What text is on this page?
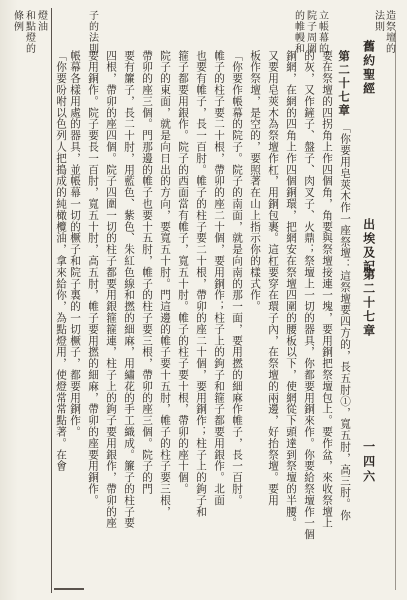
舊約聖經
出埃及記
第二十七章
一四六
造祭壇的
法則
立帳幕的
院子周圍
的帷幔和
子的法則
燈油
和點燈的
條例
第二十七章
「你要用皂莢木作一座祭壇：這祭壇要四方的，長五肘①，寬五肘，高三肘。你
要在祭壇的四拐角上作四個角，角要與祭壇接連一塊，要用銅把祭壇包上。要作盆，來收祭壇上
的灰，又作鏟子、盤子、肉叉子、火鼎；祭壇上一切的器具，你都要用銅來作。你要給祭壇作一個
銅網，在網的四角上作四個銅環，把網安在祭壇四圍的腰板以下，使網從下頭達到祭壇的半腰。
又要用皂莢木為祭壇作杠，用銅包裹。這杠要穿在環子內，在祭壇的兩邊，好抬祭壇。要用
板作祭壇，是空的，要照著在山上指示你的樣式作。
「你要作帳幕的院子。院子的南面，就是向南的那一面，要用撚的細麻作帷子，長一百肘。
帷子的柱子要二十根，帶卯的座二十個，要用銅作；柱子上的鉤子和箍子都要用銀作。北面
也要有帷子，長一百肘。帷子的柱子要二十根，帶卯的座二十個，要用銅作；柱子上的鉤子和
箍子都要用銀作。院子的西面當有帷子，寬五十肘。帷子的柱子要十根，帶卯的座十個。
院子的東面，就是向日出的方向，要寬五十肘。門這邊的帷子要十五肘，帷子的柱子要三根，
帶卯的座三個。門那邊的帷子也要十五肘，帷子的柱子要三根，帶卯的座三個。院子的門
要有簾子，長二十肘，用藍色、紫色、朱紅色線和撚的細麻，用繡花的手工織成。簾子的柱子要
四根，帶卯的座四個。院子四圍一切的柱子都要用銀箍箍連，柱子上的鉤子要用銀作，帶卯的座
要用銅作。院子要長一百肘，寬五十肘，高五肘，帷子要用撚的細麻，帶卯的座要用銅作。
帳幕各樣用處的器具，並帳幕一切的橛子和院子裏的一切橛子，都要用銅作。
「你要吩咐以色列人把搗成的純橄欖油，拿來給你，為點燈用，使燈常常點著。在會
